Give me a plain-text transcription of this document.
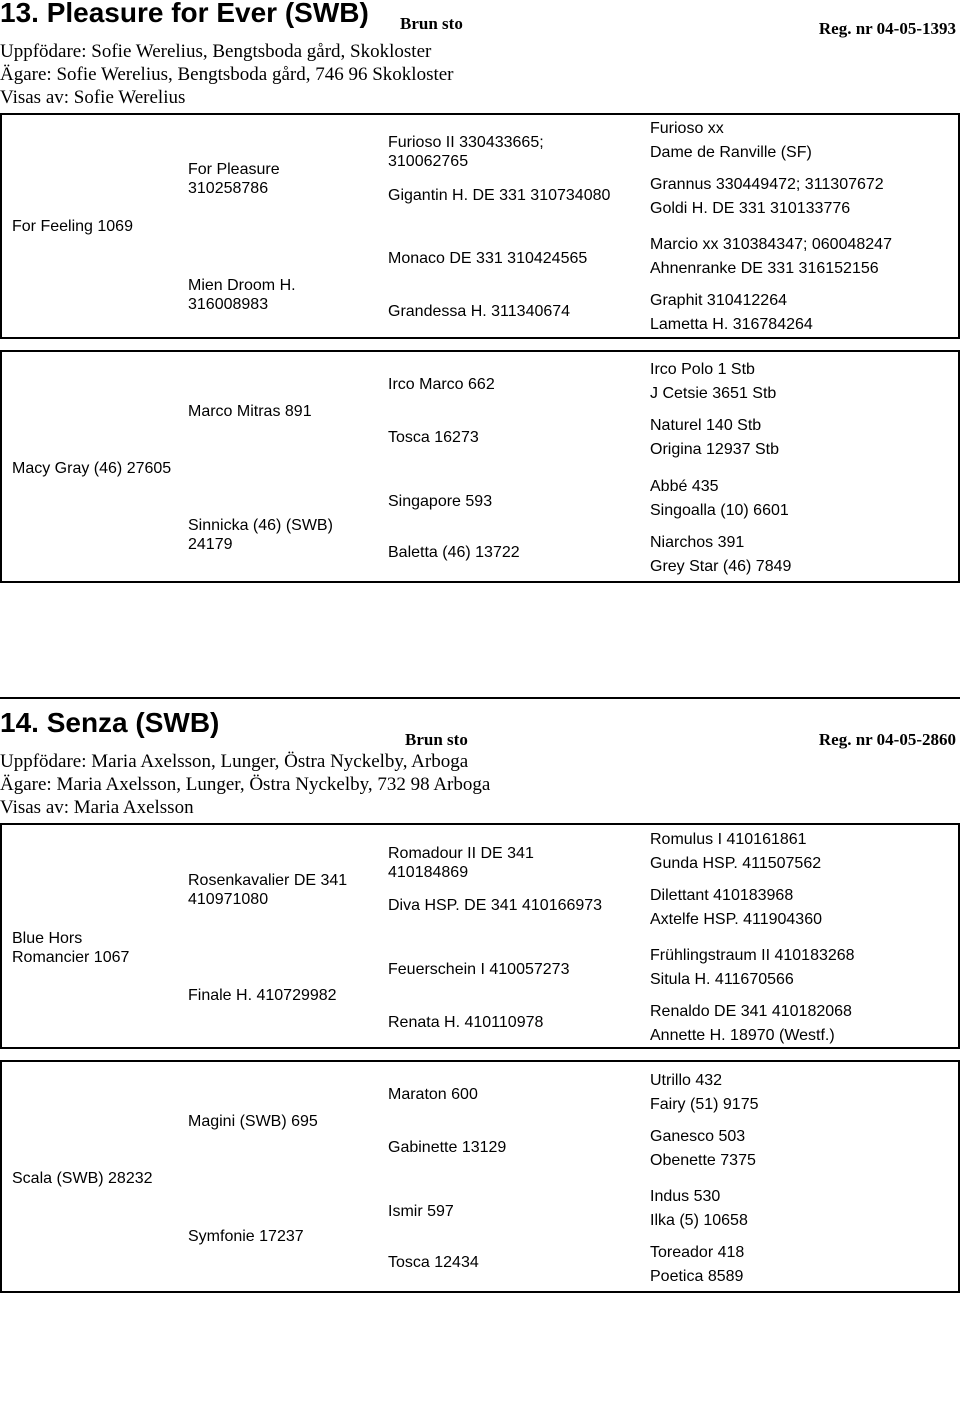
13. Pleasure for Ever (SWB) Brun sto	Reg. nr 04-05-1393
Uppfödare: Sofie Werelius, Bengtsboda gård, Skokloster
Ägare: Sofie Werelius, Bengtsboda gård, 746 96 Skokloster
Visas av: Sofie Werelius
For Feeling 1069
For Pleasure
310258786
Mien Droom H.
316008983
Furioso II 330433665;
310062765
Gigantin H. DE 331 310734080
Monaco DE 331 310424565
Grandessa H. 311340674
Furioso xx
Dame de Ranville (SF)
Grannus 330449472; 311307672
Goldi H. DE 331 310133776
Marcio xx 310384347; 060048247
Ahnenranke DE 331 316152156
Graphit 310412264
Lametta H. 316784264
Macy Gray (46) 27605
Marco Mitras 891
Sinnicka (46) (SWB)
24179
Irco Marco 662
Tosca 16273
Singapore 593
Baletta (46) 13722
Irco Polo 1 Stb
J Cetsie 3651 Stb
Naturel 140 Stb
Origina 12937 Stb
Abbé 435
Singoalla (10) 6601
Niarchos 391
Grey Star (46) 7849
14. Senza (SWB)
Brun sto	Reg. nr 04-05-2860
Uppfödare: Maria Axelsson, Lunger, Östra Nyckelby, Arboga
Ägare: Maria Axelsson, Lunger, Östra Nyckelby, 732 98 Arboga
Visas av: Maria Axelsson
Blue Hors
Romancier 1067
Rosenkavalier DE 341
410971080
Finale H. 410729982
Romadour II DE 341
410184869
Diva HSP. DE 341 410166973
Feuerschein I 410057273
Renata H. 410110978
Romulus I 410161861
Gunda HSP. 411507562
Dilettant 410183968
Axtelfe HSP. 411904360
Frühlingstraum II 410183268
Situla H. 411670566
Renaldo DE 341 410182068
Annette H. 18970 (Westf.)
Scala (SWB) 28232
Magini (SWB) 695
Symfonie 17237
Maraton 600
Gabinette 13129
Ismir 597
Tosca 12434
Utrillo 432
Fairy (51) 9175
Ganesco 503
Obenette 7375
Indus 530
Ilka (5) 10658
Toreador 418
Poetica 8589
